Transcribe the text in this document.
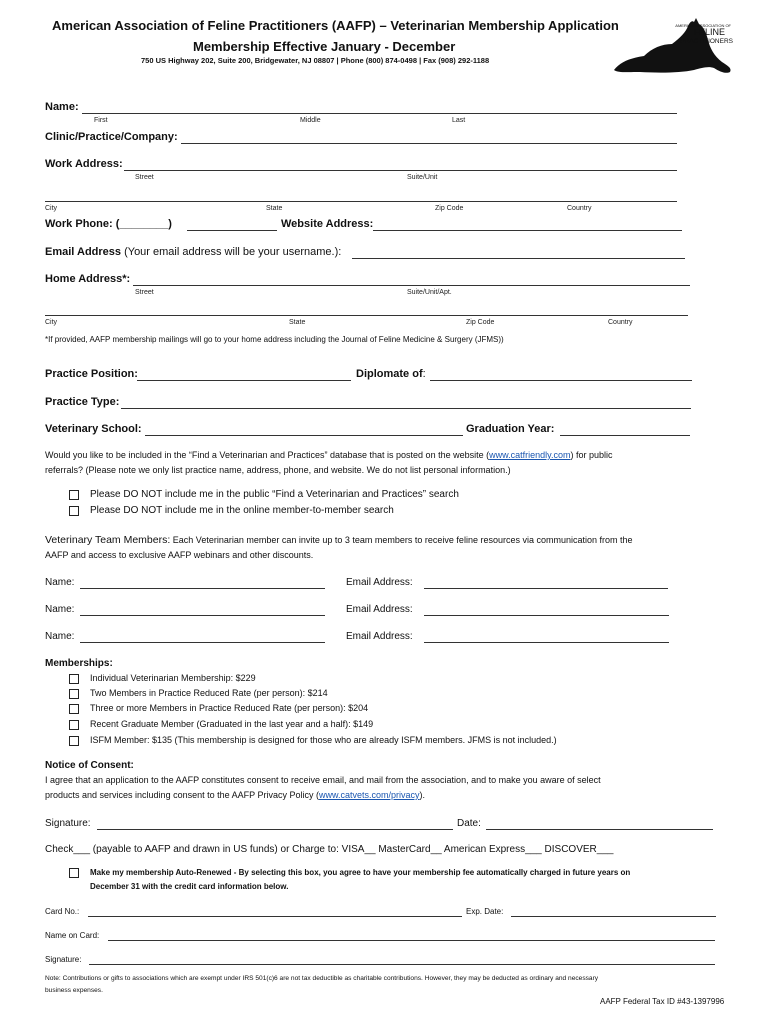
American Association of Feline Practitioners (AAFP) – Veterinarian Membership Application
Membership Effective January - December
750 US Highway 202, Suite 200, Bridgewater, NJ 08807 | Phone (800) 874-0498 | Fax (908) 292-1188
AMERICAN ASSOCIATION OF
FELINE
PRACTITIONERS
Name:
First	Middle	Last
Clinic/Practice/Company:
Work Address:
Street	Suite/Unit
City	State	Zip Code	Country
Work Phone: (________)	Website Address:
Email Address (Your email address will be your username.):
Home Address*:
Street	Suite/Unit/Apt.
City	State	Zip Code	Country
*If provided, AAFP membership mailings will go to your home address including the Journal of Feline Medicine & Surgery (JFMS))
Practice Position:	Diplomate of:
Practice Type:
Veterinary School:	Graduation Year:
Would you like to be included in the “Find a Veterinarian and Practices” database that is posted on the website (www.catfriendly.com) for public
referrals? (Please note we only list practice name, address, phone, and website. We do not list personal information.)
Please DO NOT include me in the public “Find a Veterinarian and Practices” search
Please DO NOT include me in the online member-to-member search
Veterinary Team Members: Each Veterinarian member can invite up to 3 team members to receive feline resources via communication from the
AAFP and access to exclusive AAFP webinars and other discounts.
Name:	Email Address:
Name:	Email Address:
Name:	Email Address:
Memberships:
Individual Veterinarian Membership: $229
Two Members in Practice Reduced Rate (per person): $214
Three or more Members in Practice Reduced Rate (per person): $204
Recent Graduate Member (Graduated in the last year and a half): $149
ISFM Member: $135 (This membership is designed for those who are already ISFM members. JFMS is not included.)
Notice of Consent:
I agree that an application to the AAFP constitutes consent to receive email, and mail from the association, and to make you aware of select
products and services including consent to the AAFP Privacy Policy (www.catvets.com/privacy).
Signature:	Date:
Check___ (payable to AAFP and drawn in US funds) or Charge to: VISA__ MasterCard__ American Express___ DISCOVER___
Make my membership Auto-Renewed - By selecting this box, you agree to have your membership fee automatically charged in future years on
December 31 with the credit card information below.
Card No.:	Exp. Date:
Name on Card:
Signature:
Note: Contributions or gifts to associations which are exempt under IRS 501(c)6 are not tax deductible as charitable contributions. However, they may be deducted as ordinary and necessary
business expenses.
AAFP Federal Tax ID #43-1397996
